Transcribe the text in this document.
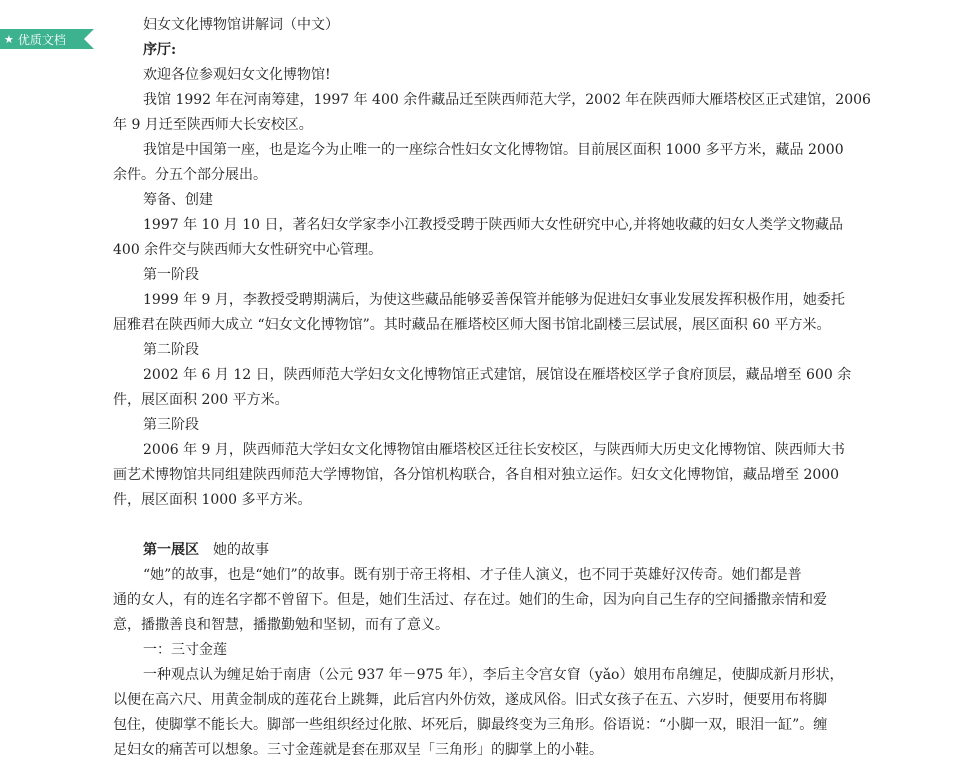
★ 优质文档
妇女文化博物馆讲解词（中文）
序厅:
欢迎各位参观妇女文化博物馆!
我馆 1992 年在河南筹建，1997 年 400 余件藏品迁至陕西师范大学，2002 年在陕西师大雁塔校区正式建馆，2006
年 9 月迁至陕西师大长安校区。
我馆是中国第一座，也是迄今为止唯一的一座综合性妇女文化博物馆。目前展区面积 1000 多平方米，藏品 2000
余件。分五个部分展出。
筹备、创建
1997 年 10 月 10 日，著名妇女学家李小江教授受聘于陕西师大女性研究中心,并将她收藏的妇女人类学文物藏品
400 余件交与陕西师大女性研究中心管理。
第一阶段
1999 年 9 月，李教授受聘期满后，为使这些藏品能够妥善保管并能够为促进妇女事业发展发挥积极作用，她委托
屈雅君在陕西师大成立 “妇女文化博物馆”。其时藏品在雁塔校区师大图书馆北副楼三层试展，展区面积 60 平方米。
第二阶段
2002 年 6 月 12 日，陕西师范大学妇女文化博物馆正式建馆，展馆设在雁塔校区学子食府顶层，藏品增至 600 余
件，展区面积 200 平方米。
第三阶段
2006 年 9 月，陕西师范大学妇女文化博物馆由雁塔校区迁往长安校区，与陕西师大历史文化博物馆、陕西师大书
画艺术博物馆共同组建陕西师范大学博物馆，各分馆机构联合，各自相对独立运作。妇女文化博物馆，藏品增至 2000
件，展区面积 1000 多平方米。
第一展区 她的故事
“她”的故事，也是“她们”的故事。既有别于帝王将相、才子佳人演义，也不同于英雄好汉传奇。她们都是普
通的女人，有的连名字都不曾留下。但是，她们生活过、存在过。她们的生命，因为向自己生存的空间播撒亲情和爱
意，播撒善良和智慧，播撒勤勉和坚韧，而有了意义。
一：三寸金莲
一种观点认为缠足始于南唐（公元 937 年－975 年），李后主令宫女窅（yǎo）娘用布帛缠足，使脚成新月形状，
以便在高六尺、用黄金制成的莲花台上跳舞，此后宫内外仿效，遂成风俗。旧式女孩子在五、六岁时，便要用布将脚
包住，使脚掌不能长大。脚部一些组织经过化脓、坏死后，脚最终变为三角形。俗语说：“小脚一双，眼泪一缸”。缠
足妇女的痛苦可以想象。三寸金莲就是套在那双呈「三角形」的脚掌上的小鞋。
